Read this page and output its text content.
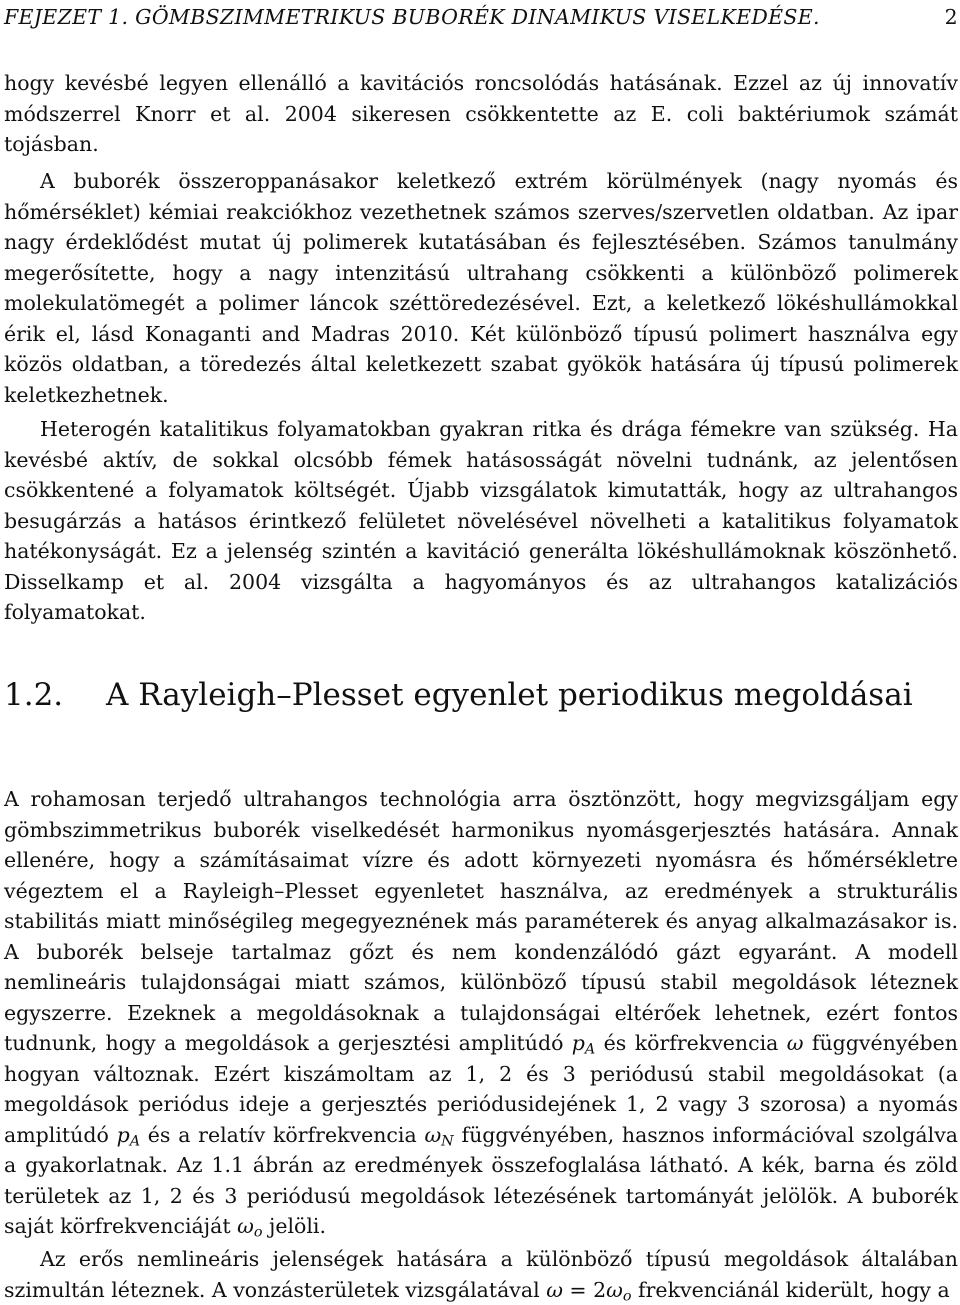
FEJEZET 1. GÖMBSZIMMETRIKUS BUBORÉK DINAMIKUS VISELKEDÉSE.	2

hogy kevésbé legyen ellenálló a kavitációs roncsolódás hatásának. Ezzel az új innovatív módszerrel Knorr et al. 2004 sikeresen csökkentette az E. coli baktériumok számát tojásban.

A buborék összeroppanásakor keletkező extrém körülmények (nagy nyomás és hőmérséklet) kémiai reakciókhoz vezethetnek számos szerves/szervetlen oldatban. Az ipar nagy érdeklődést mutat új polimerek kutatásában és fejlesztésében. Számos tanulmány megerősítette, hogy a nagy intenzitású ultrahang csökkenti a különböző polimerek molekulatömegét a polimer láncok széttöredezésével. Ezt, a keletkező lökéshullámokkal érik el, lásd Konaganti and Madras 2010. Két különböző típusú polimert használva egy közös oldatban, a töredezés által keletkezett szabat gyökök hatására új típusú polimerek keletkezhetnek.

Heterogén katalitikus folyamatokban gyakran ritka és drága fémekre van szükség. Ha kevésbé aktív, de sokkal olcsóbb fémek hatásosságát növelni tudnánk, az jelentősen csökkentené a folyamatok költségét. Újabb vizsgálatok kimutatták, hogy az ultrahangos besugárzás a hatásos érintkező felületet növelésével növelheti a katalitikus folyamatok hatékonyságát. Ez a jelenség szintén a kavitáció generálta lökéshullámoknak köszönhető. Disselkamp et al. 2004 vizsgálta a hagyományos és az ultrahangos katalizációs folyamatokat.

1.2. A Rayleigh–Plesset egyenlet periodikus megoldásai

A rohamosan terjedő ultrahangos technológia arra ösztönzött, hogy megvizsgáljam egy gömbszimmetrikus buborék viselkedését harmonikus nyomásgerjesztés hatására. Annak ellenére, hogy a számításaimat vízre és adott környezeti nyomásra és hőmérsékletre végeztem el a Rayleigh–Plesset egyenletet használva, az eredmények a strukturális stabilitás miatt minőségileg megegyeznének más paraméterek és anyag alkalmazásakor is. A buborék belseje tartalmaz gőzt és nem kondenzálódó gázt egyaránt. A modell nemlineáris tulajdonságai miatt számos, különböző típusú stabil megoldások léteznek egyszerre. Ezeknek a megoldásoknak a tulajdonságai eltérőek lehetnek, ezért fontos tudnunk, hogy a megoldások a gerjesztési amplitúdó $p_A$ és körfrekvencia ω függvényében hogyan változnak. Ezért kiszámoltam az 1, 2 és 3 periódusú stabil megoldásokat (a megoldások periódus ideje a gerjesztés periódusidejének 1, 2 vagy 3 szorosa) a nyomás amplitúdó $p_A$ és a relatív körfrekvencia $\omega_N$ függvényében, hasznos információval szolgálva a gyakorlatnak. Az 1.1 ábrán az eredmények összefoglalása látható. A kék, barna és zöld területek az 1, 2 és 3 periódusú megoldások létezésének tartományát jelölök. A buborék saját körfrekvenciáját $\omega_o$ jelöli.

Az erős nemlineáris jelenségek hatására a különböző típusú megoldások általában szimultán léteznek. A vonzásterületek vizsgálatával $\omega = 2\omega_o$ frekvenciánál kiderült, hogy a
